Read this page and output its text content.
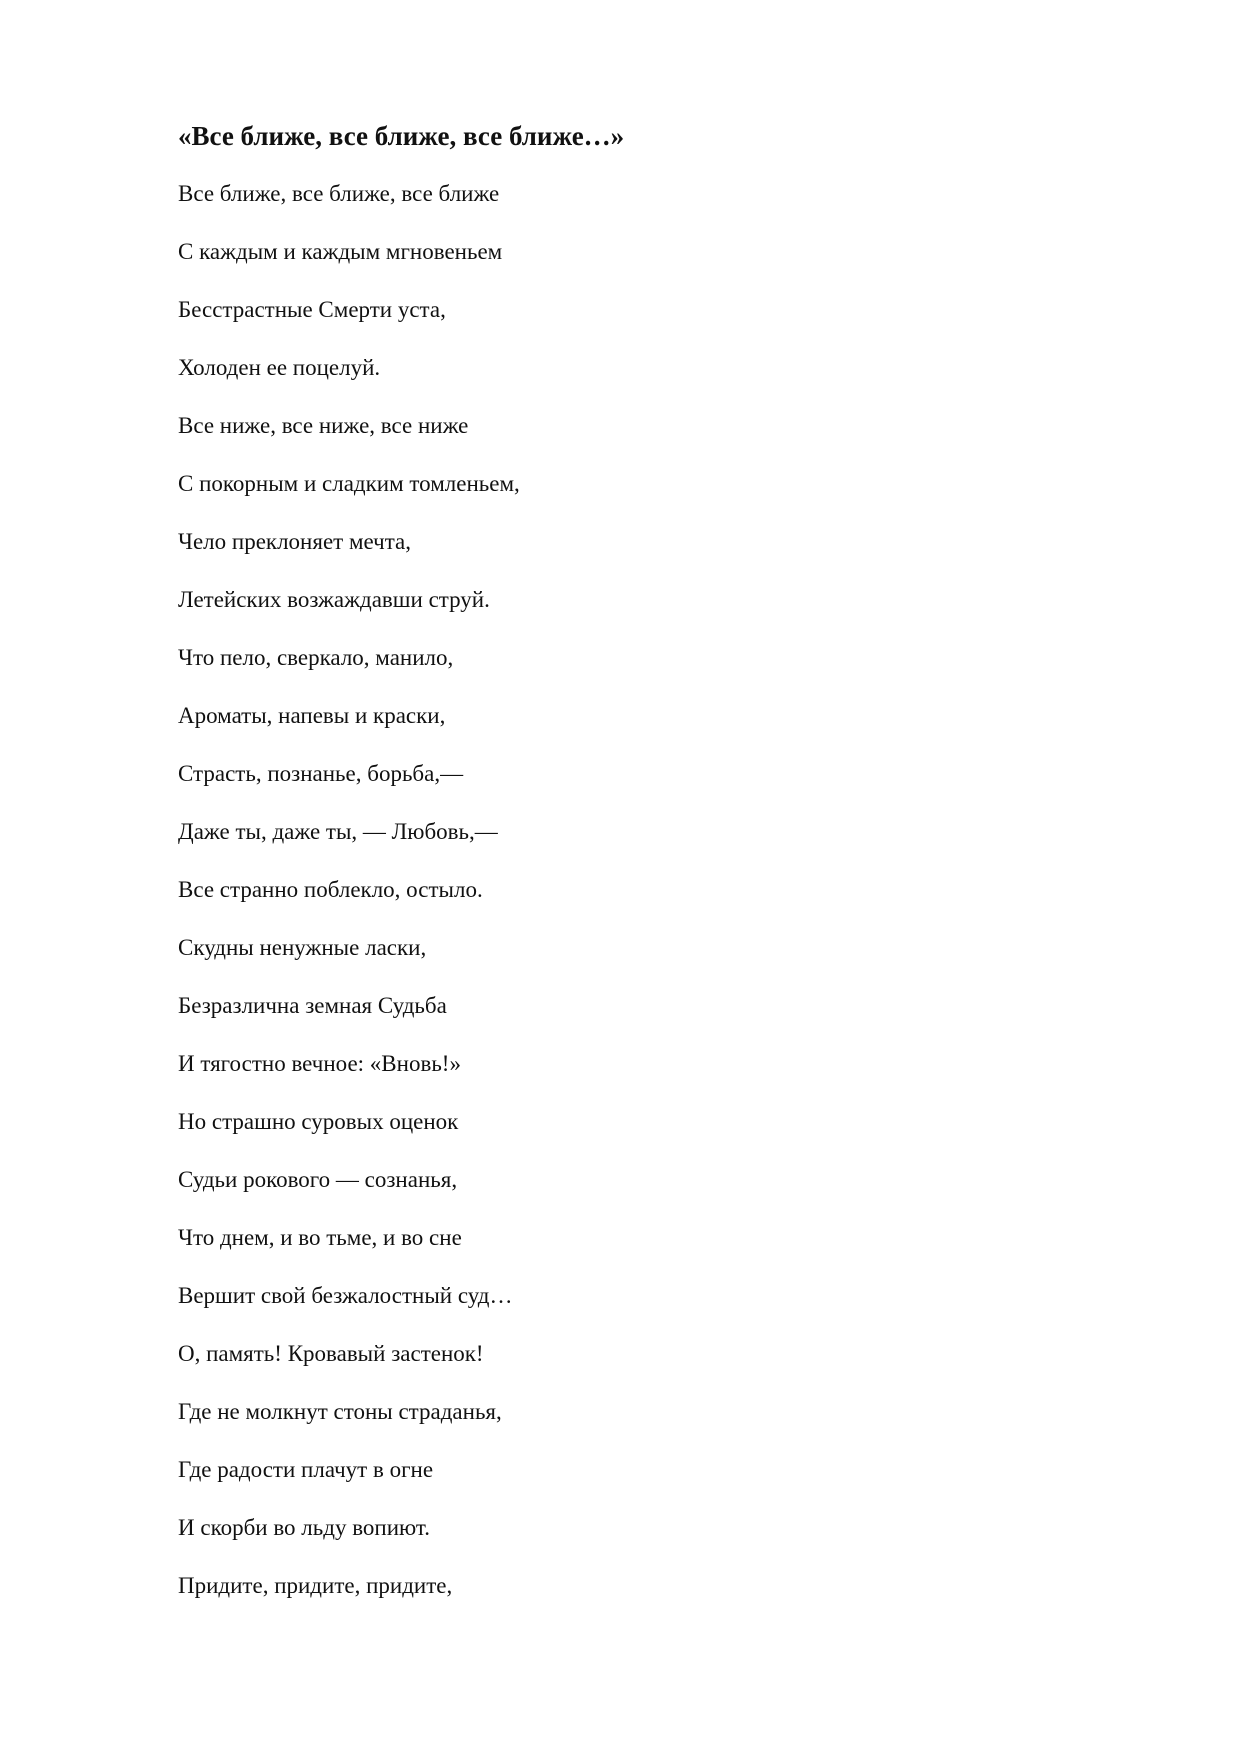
«Все ближе, все ближе, все ближе…»
Все ближе, все ближе, все ближе
С каждым и каждым мгновеньем
Бесстрастные Смерти уста,
Холоден ее поцелуй.
Все ниже, все ниже, все ниже
С покорным и сладким томленьем,
Чело преклоняет мечта,
Летейских возжаждавши струй.
Что пело, сверкало, манило,
Ароматы, напевы и краски,
Страсть, познанье, борьба,—
Даже ты, даже ты, — Любовь,—
Все странно поблекло, остыло.
Скудны ненужные ласки,
Безразлична земная Судьба
И тягостно вечное: «Вновь!»
Но страшно суровых оценок
Судьи рокового — сознанья,
Что днем, и во тьме, и во сне
Вершит свой безжалостный суд…
О, память! Кровавый застенок!
Где не молкнут стоны страданья,
Где радости плачут в огне
И скорби во льду вопиют.
Придите, придите, придите,
